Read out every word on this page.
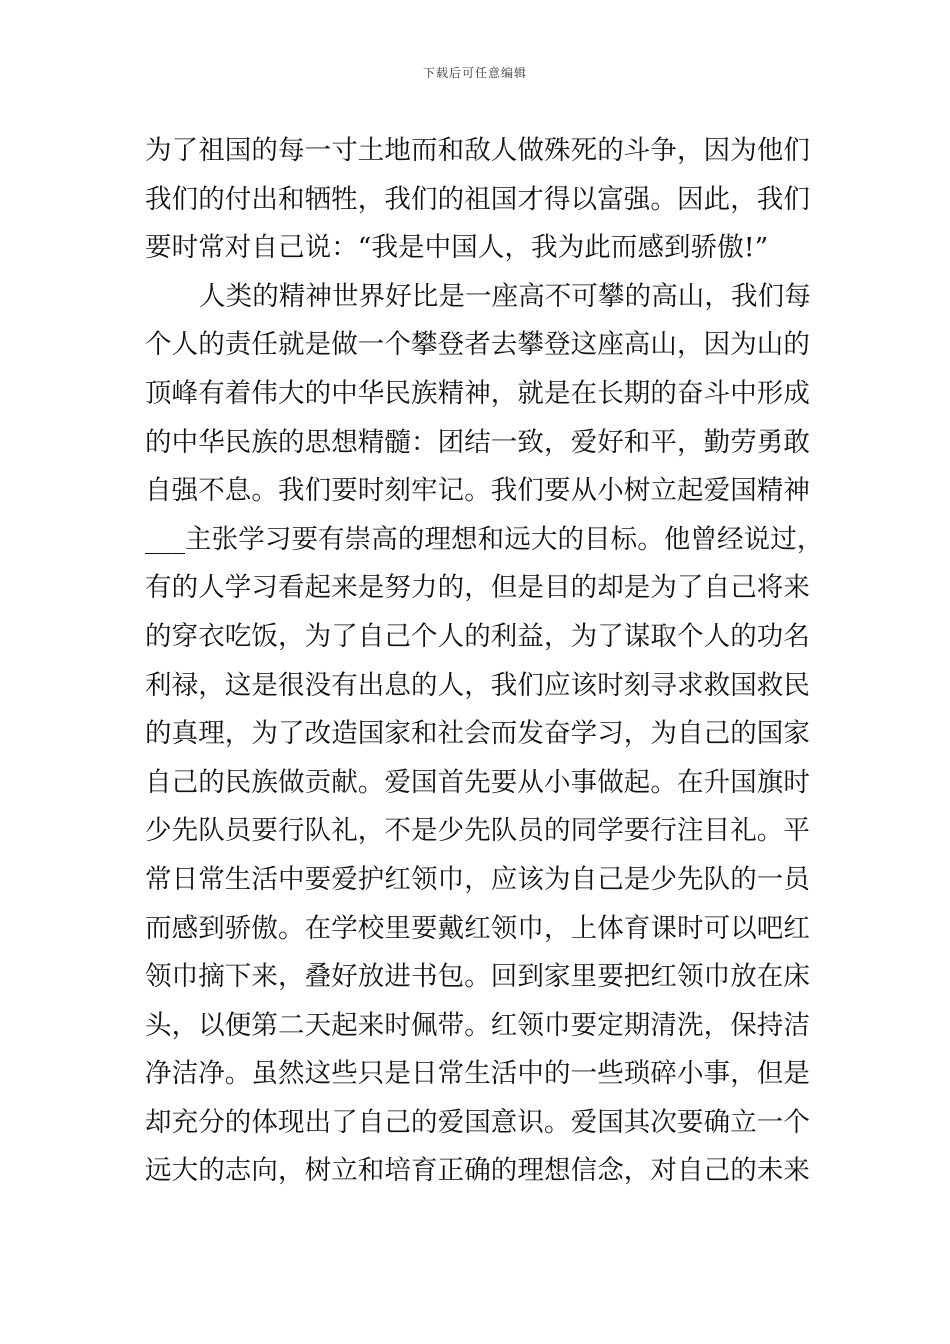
下载后可任意编辑
为了祖国的每一寸土地而和敌人做殊死的斗争，因为他们
我们的付出和牺牲，我们的祖国才得以富强。因此，我们
要时常对自己说：“我是中国人，我为此而感到骄傲!”
人类的精神世界好比是一座高不可攀的高山，我们每
个人的责任就是做一个攀登者去攀登这座高山，因为山的
顶峰有着伟大的中华民族精神，就是在长期的奋斗中形成
的中华民族的思想精髓：团结一致，爱好和平，勤劳勇敢
自强不息。我们要时刻牢记。我们要从小树立起爱国精神
___主张学习要有崇高的理想和远大的目标。他曾经说过，
有的人学习看起来是努力的，但是目的却是为了自己将来
的穿衣吃饭，为了自己个人的利益，为了谋取个人的功名
利禄，这是很没有出息的人，我们应该时刻寻求救国救民
的真理，为了改造国家和社会而发奋学习，为自己的国家
自己的民族做贡献。爱国首先要从小事做起。在升国旗时
少先队员要行队礼，不是少先队员的同学要行注目礼。平
常日常生活中要爱护红领巾，应该为自己是少先队的一员
而感到骄傲。在学校里要戴红领巾，上体育课时可以吧红
领巾摘下来，叠好放进书包。回到家里要把红领巾放在床
头，以便第二天起来时佩带。红领巾要定期清洗，保持洁
净洁净。虽然这些只是日常生活中的一些琐碎小事，但是
却充分的体现出了自己的爱国意识。爱国其次要确立一个
远大的志向，树立和培育正确的理想信念，对自己的未来
